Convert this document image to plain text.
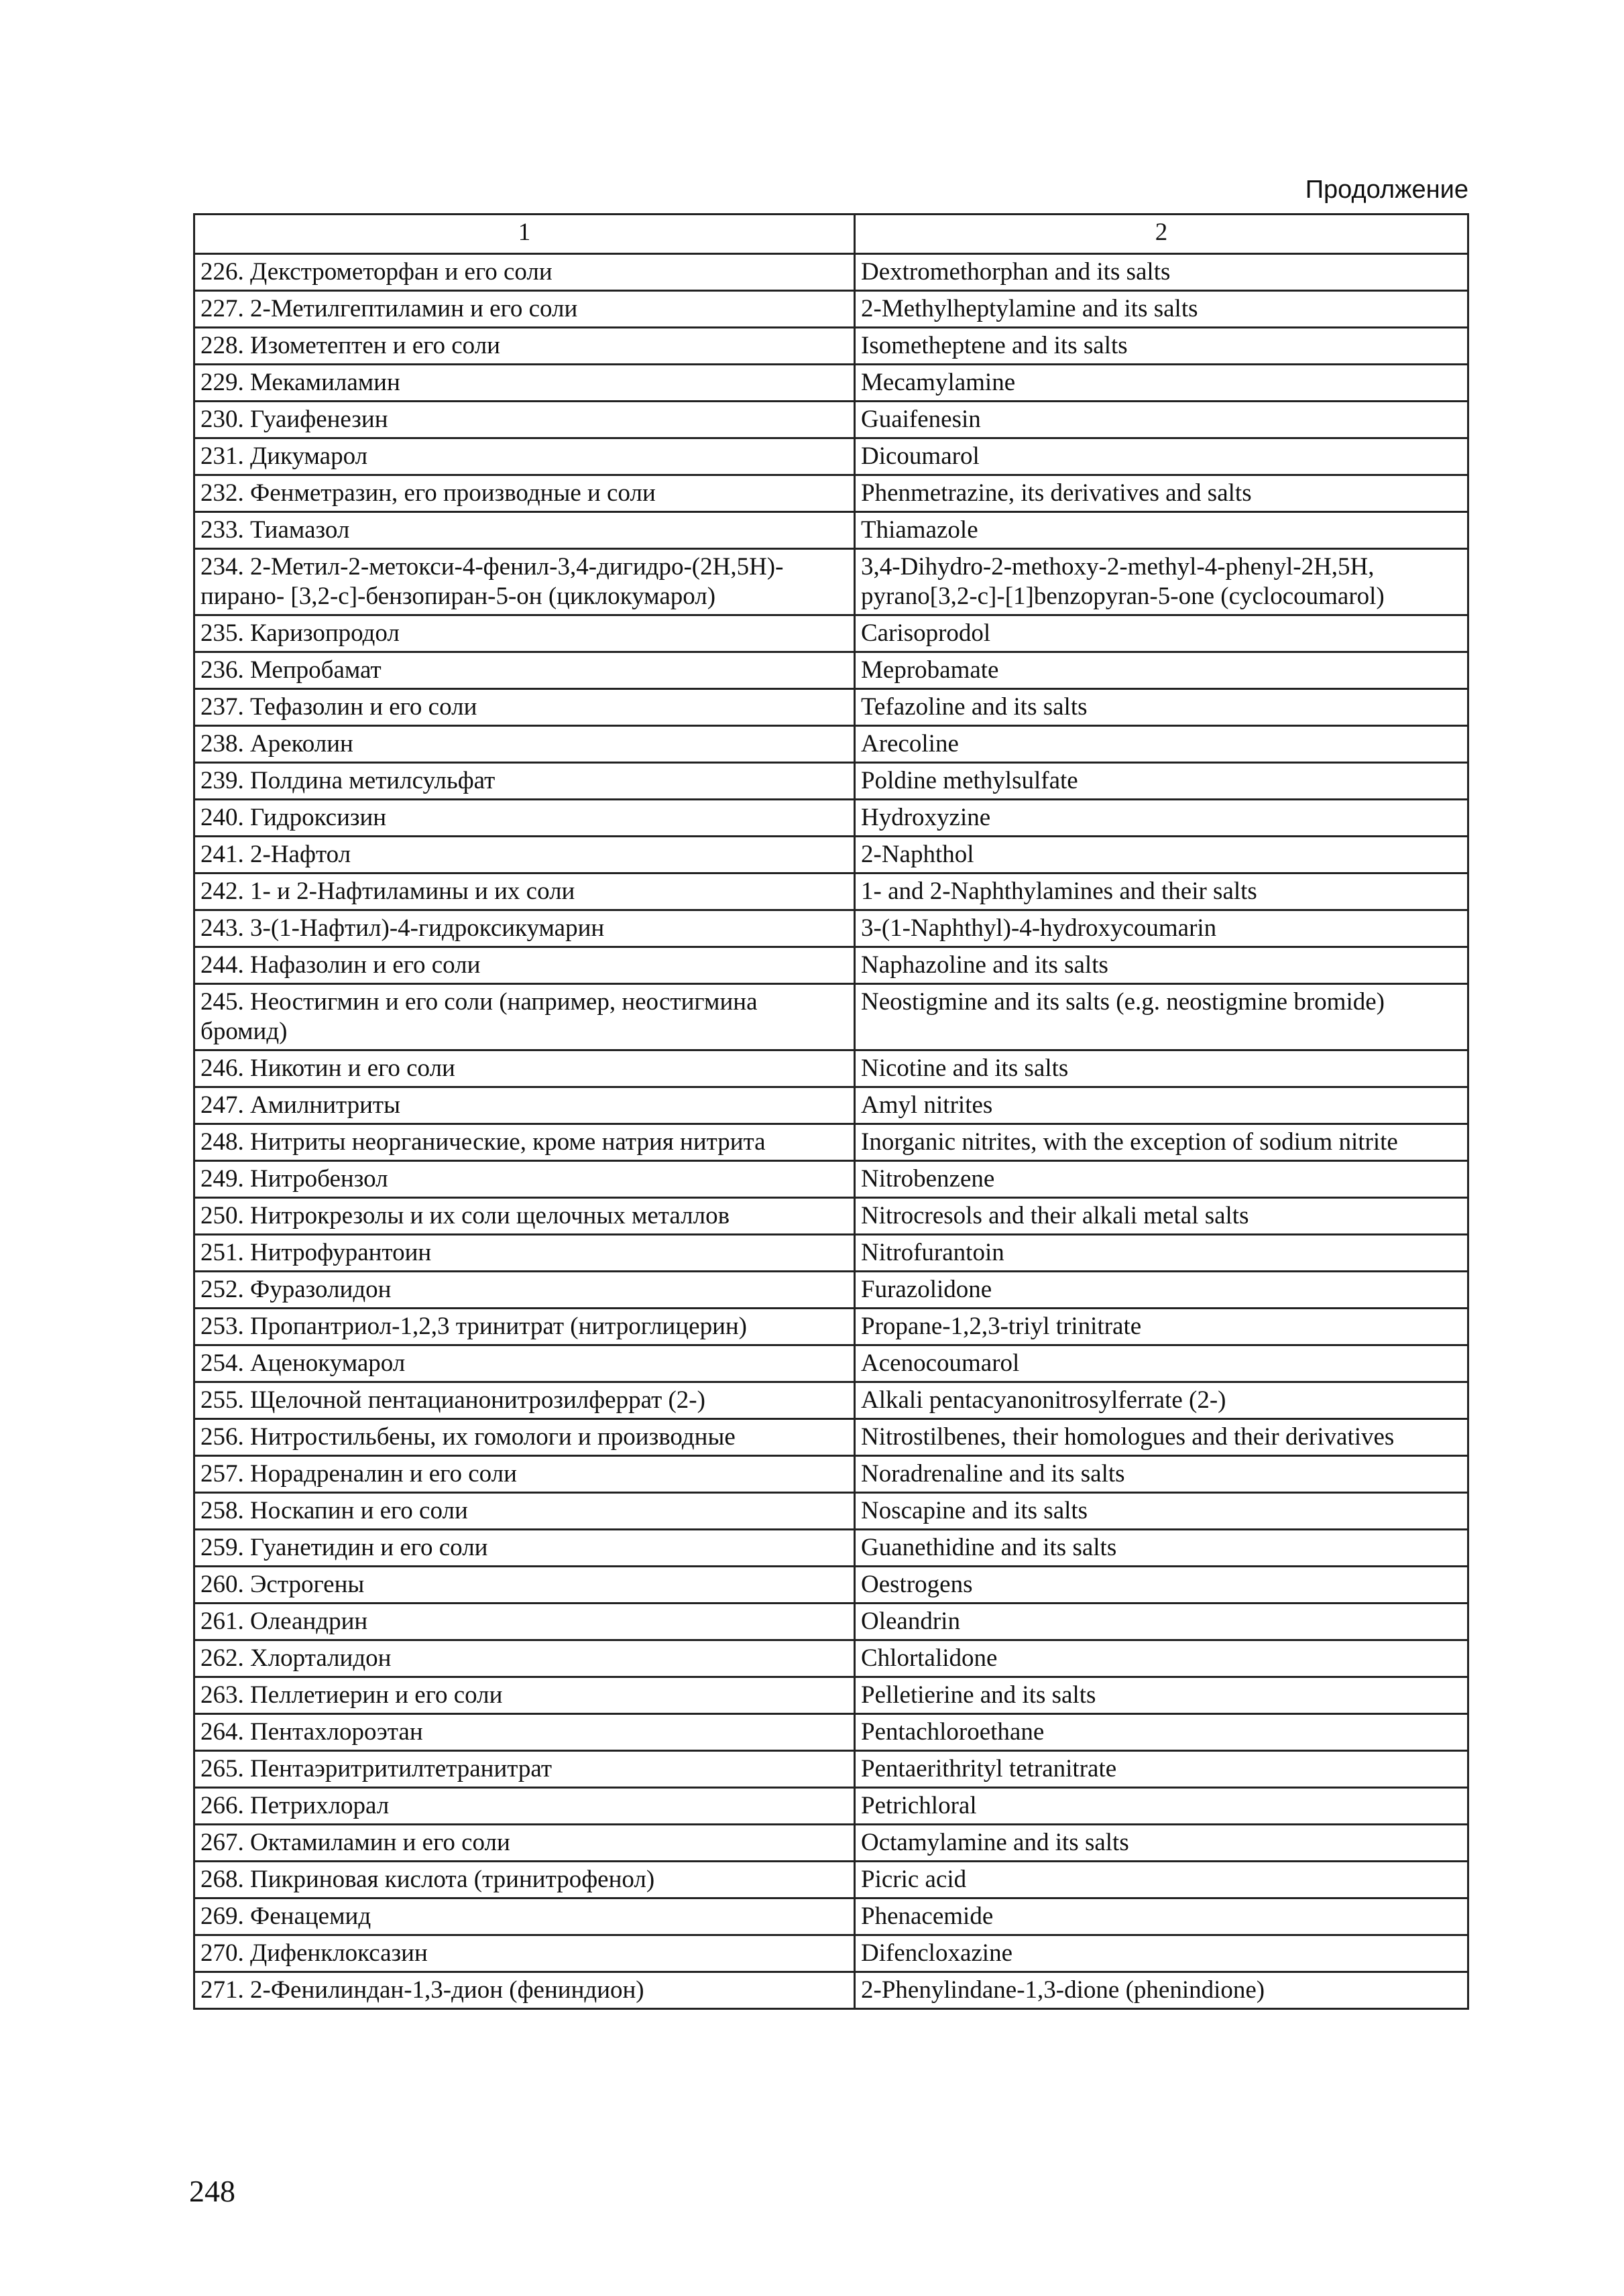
Продолжение
1	2
226. Декстрометорфан и его соли	Dextromethorphan and its salts
227. 2-Метилгептиламин и его соли	2-Methylheptylamine and its salts
228. Изометептен и его соли	Isometheptene and its salts
229. Мекамиламин	Mecamylamine
230. Гуаифенезин	Guaifenesin
231. Дикумарол	Dicoumarol
232. Фенметразин, его производные и соли	Phenmetrazine, its derivatives and salts
233. Тиамазол	Thiamazole
234. 2-Метил-2-метокси-4-фенил-3,4-дигидро-(2H,5H)-пирано- [3,2-c]-бензопиран-5-он (циклокумарол)	3,4-Dihydro-2-methoxy-2-methyl-4-phenyl-2H,5H, pyrano[3,2-c]-[1]benzopyran-5-one (cyclocoumarol)
235. Каризопродол	Carisoprodol
236. Мепробамат	Meprobamate
237. Тефазолин и его соли	Tefazoline and its salts
238. Ареколин	Arecoline
239. Полдина метилсульфат	Poldine methylsulfate
240. Гидроксизин	Hydroxyzine
241. 2-Нафтол	2-Naphthol
242. 1- и 2-Нафтиламины и их соли	1- and 2-Naphthylamines and their salts
243. 3-(1-Нафтил)-4-гидроксикумарин	3-(1-Naphthyl)-4-hydroxycoumarin
244. Нафазолин и его соли	Naphazoline and its salts
245. Неостигмин и его соли (например, неостигмина бромид)	Neostigmine and its salts (e.g. neostigmine bromide)
246. Никотин и его соли	Nicotine and its salts
247. Амилнитриты	Amyl nitrites
248. Нитриты неорганические, кроме натрия нитрита	Inorganic nitrites, with the exception of sodium nitrite
249. Нитробензол	Nitrobenzene
250. Нитрокрезолы и их соли щелочных металлов	Nitrocresols and their alkali metal salts
251. Нитрофурантоин	Nitrofurantoin
252. Фуразолидон	Furazolidone
253. Пропантриол-1,2,3 тринитрат (нитроглицерин)	Propane-1,2,3-triyl trinitrate
254. Аценокумарол	Acenocoumarol
255. Щелочной пентацианонитрозилферрат (2-)	Alkali pentacyanonitrosylferrate (2-)
256. Нитростильбены, их гомологи и производные	Nitrostilbenes, their homologues and their derivatives
257. Норадреналин и его соли	Noradrenaline and its salts
258. Носкапин и его соли	Noscapine and its salts
259. Гуанетидин и его соли	Guanethidine and its salts
260. Эстрогены	Oestrogens
261. Олеандрин	Oleandrin
262. Хлорталидон	Chlortalidone
263. Пеллетиерин и его соли	Pelletierine and its salts
264. Пентахлороэтан	Pentachloroethane
265. Пентаэритритилтетранитрат	Pentaerithrityl tetranitrate
266. Петрихлорал	Petrichloral
267. Октамиламин и его соли	Octamylamine and its salts
268. Пикриновая кислота (тринитрофенол)	Picric acid
269. Фенацемид	Phenacemide
270. Дифенклоксазин	Difencloxazine
271. 2-Фенилиндан-1,3-дион (фениндион)	2-Phenylindane-1,3-dione (phenindione)
248
